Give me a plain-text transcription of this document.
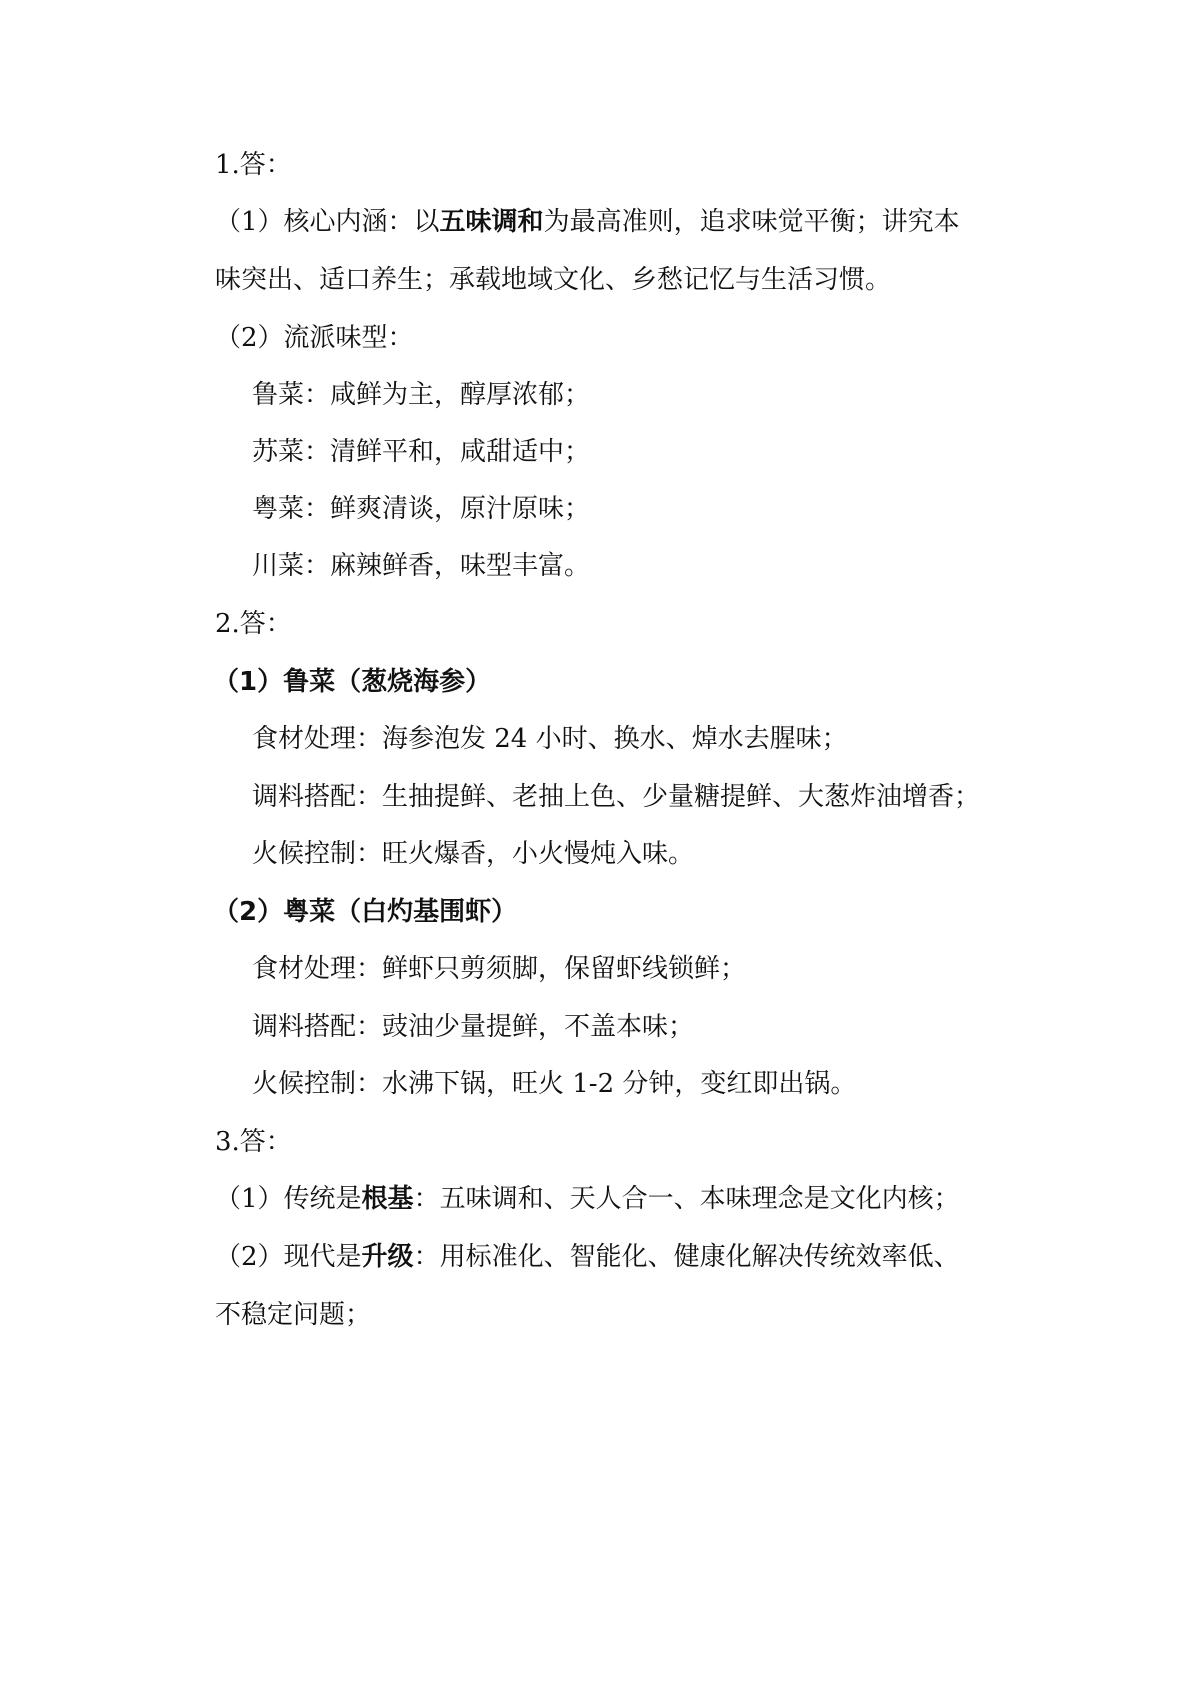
1.答：

（1）核心内涵：以五味调和为最高准则，追求味觉平衡；讲究本

味突出、适口养生；承载地域文化、乡愁记忆与生活习惯。

（2）流派味型：

鲁菜：咸鲜为主，醇厚浓郁；

苏菜：清鲜平和，咸甜适中；

粤菜：鲜爽清谈，原汁原味；

川菜：麻辣鲜香，味型丰富。

2.答：

（1）鲁菜（葱烧海参）

食材处理：海参泡发 24 小时、换水、焯水去腥味；

调料搭配：生抽提鲜、老抽上色、少量糖提鲜、大葱炸油增香；

火候控制：旺火爆香，小火慢炖入味。

（2）粤菜（白灼基围虾）

食材处理：鲜虾只剪须脚，保留虾线锁鲜；

调料搭配：豉油少量提鲜，不盖本味；

火候控制：水沸下锅，旺火 1-2 分钟，变红即出锅。

3.答：

（1）传统是根基：五味调和、天人合一、本味理念是文化内核；

（2）现代是升级：用标准化、智能化、健康化解决传统效率低、

不稳定问题；
